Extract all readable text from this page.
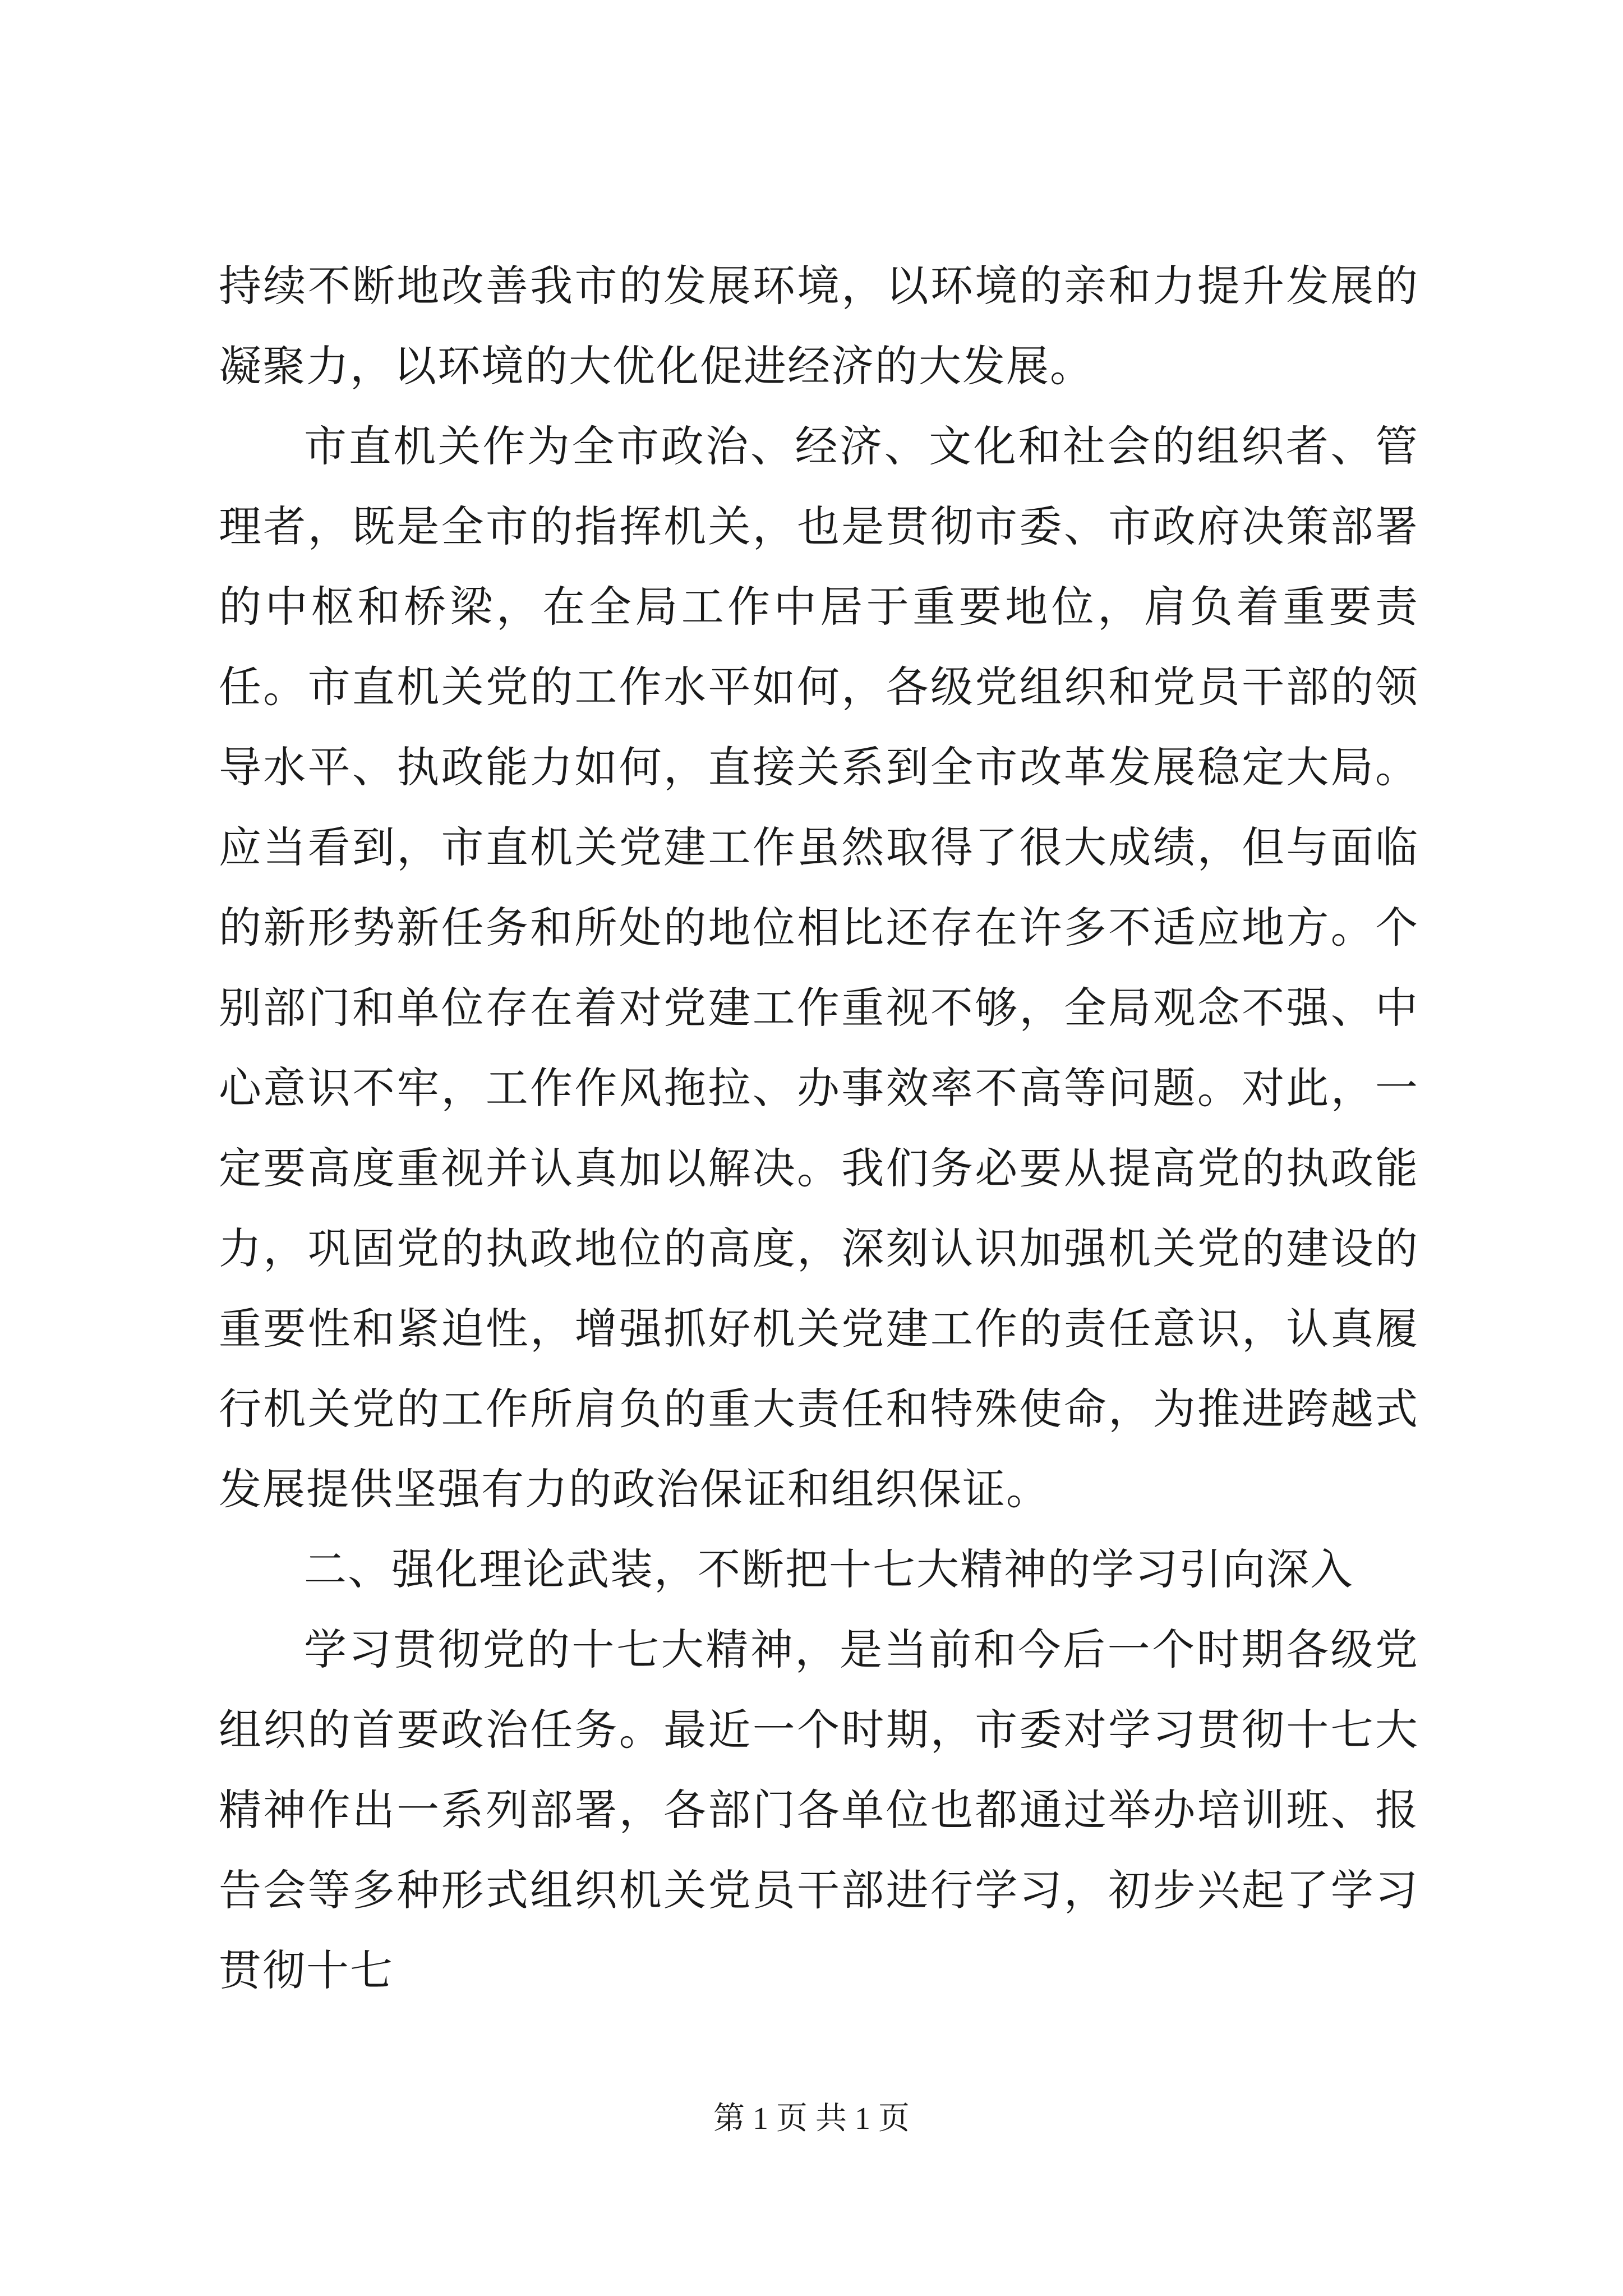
持续不断地改善我市的发展环境，以环境的亲和力提升发展的凝聚力，以环境的大优化促进经济的大发展。

市直机关作为全市政治、经济、文化和社会的组织者、管理者，既是全市的指挥机关，也是贯彻市委、市政府决策部署的中枢和桥梁，在全局工作中居于重要地位，肩负着重要责任。市直机关党的工作水平如何，各级党组织和党员干部的领导水平、执政能力如何，直接关系到全市改革发展稳定大局。应当看到，市直机关党建工作虽然取得了很大成绩，但与面临的新形势新任务和所处的地位相比还存在许多不适应地方。个别部门和单位存在着对党建工作重视不够，全局观念不强、中心意识不牢，工作作风拖拉、办事效率不高等问题。对此，一定要高度重视并认真加以解决。我们务必要从提高党的执政能力，巩固党的执政地位的高度，深刻认识加强机关党的建设的重要性和紧迫性，增强抓好机关党建工作的责任意识，认真履行机关党的工作所肩负的重大责任和特殊使命，为推进跨越式发展提供坚强有力的政治保证和组织保证。

二、强化理论武装，不断把十七大精神的学习引向深入

学习贯彻党的十七大精神，是当前和今后一个时期各级党组织的首要政治任务。最近一个时期，市委对学习贯彻十七大精神作出一系列部署，各部门各单位也都通过举办培训班、报告会等多种形式组织机关党员干部进行学习，初步兴起了学习贯彻十七

第 1 页 共 1 页
